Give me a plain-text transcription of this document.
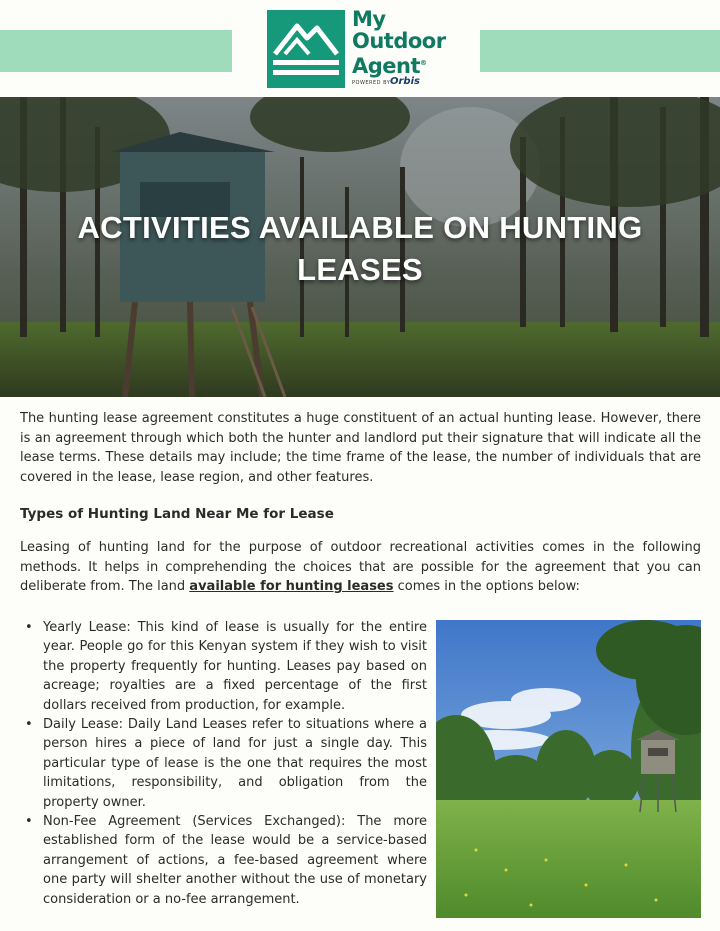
My
Outdoor
Agent®
POWERED BY Orbis
ACTIVITIES AVAILABLE ON HUNTING LEASES

The hunting lease agreement constitutes a huge constituent of an actual hunting lease. However, there is an agreement through which both the hunter and landlord put their signature that will indicate all the lease terms. These details may include; the time frame of the lease, the number of individuals that are covered in the lease, lease region, and other features.

Types of Hunting Land Near Me for Lease

Leasing of hunting land for the purpose of outdoor recreational activities comes in the following methods. It helps in comprehending the choices that are possible for the agreement that you can deliberate from. The land available for hunting leases comes in the options below:

• Yearly Lease: This kind of lease is usually for the entire year. People go for this Kenyan system if they wish to visit the property frequently for hunting. Leases pay based on acreage; royalties are a fixed percentage of the first dollars received from production, for example.
• Daily Lease: Daily Land Leases refer to situations where a person hires a piece of land for just a single day. This particular type of lease is the one that requires the most limitations, responsibility, and obligation from the property owner.
• Non-Fee Agreement (Services Exchanged): The more established form of the lease would be a service-based arrangement of actions, a fee-based agreement where one party will shelter another without the use of monetary consideration or a no-fee arrangement.
